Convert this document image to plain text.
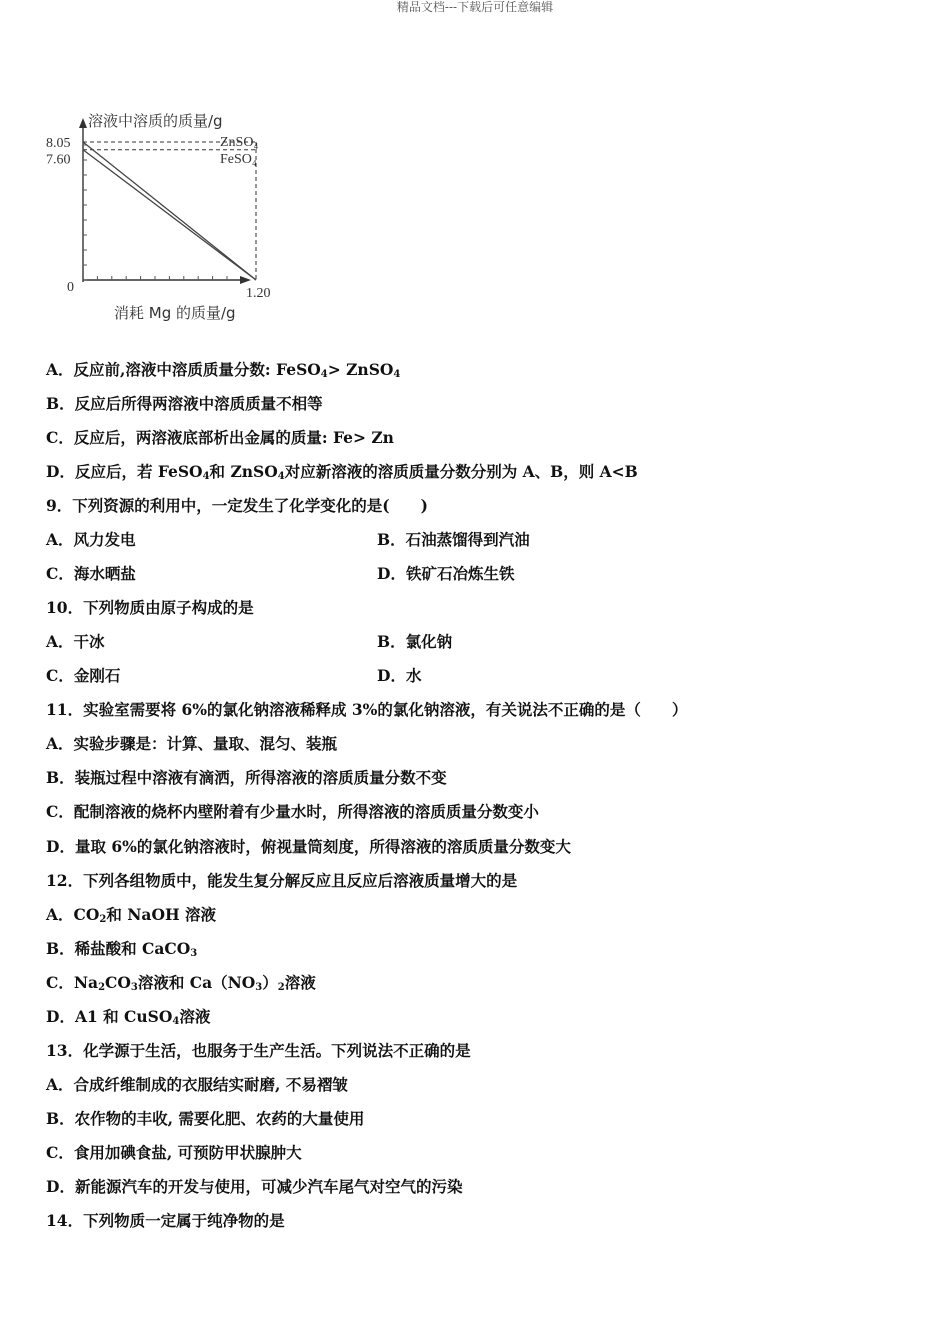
精品文档---下载后可任意编辑
溶液中溶质的质量/g
8.05
7.60
0	1.20
ZnSO₄
FeSO₄
消耗 Mg 的质量/g
A．反应前,溶液中溶质质量分数: FeSO$_4$> ZnSO$_4$
B．反应后所得两溶液中溶质质量不相等
C．反应后，两溶液底部析出金属的质量: Fe> Zn
D．反应后，若 FeSO$_4$和 ZnSO$_4$对应新溶液的溶质质量分数分别为 A、B，则 A<B
9．下列资源的利用中，一定发生了化学变化的是(　　)
A．风力发电	B．石油蒸馏得到汽油
C．海水晒盐	D．铁矿石冶炼生铁
10．下列物质由原子构成的是
A．干冰	B．氯化钠
C．金刚石	D．水
11．实验室需要将 6%的氯化钠溶液稀释成 3%的氯化钠溶液，有关说法不正确的是（　　）
A．实验步骤是：计算、量取、混匀、装瓶
B．装瓶过程中溶液有滴洒，所得溶液的溶质质量分数不变
C．配制溶液的烧杯内壁附着有少量水时，所得溶液的溶质质量分数变小
D．量取 6%的氯化钠溶液时，俯视量筒刻度，所得溶液的溶质质量分数变大
12．下列各组物质中，能发生复分解反应且反应后溶液质量增大的是
A．$CO_2$和 NaOH 溶液
B．稀盐酸和 CaCO$_3$
C．$Na_2CO_3$溶液和 $Ca(NO_3)_2$溶液
D．A1 和 CuSO$_4$溶液
13．化学源于生活，也服务于生产生活。下列说法不正确的是
A．合成纤维制成的衣服结实耐磨, 不易褶皱
B．农作物的丰收, 需要化肥、农药的大量使用
C．食用加碘食盐, 可预防甲状腺肿大
D．新能源汽车的开发与使用，可减少汽车尾气对空气的污染
14．下列物质一定属于纯净物的是
